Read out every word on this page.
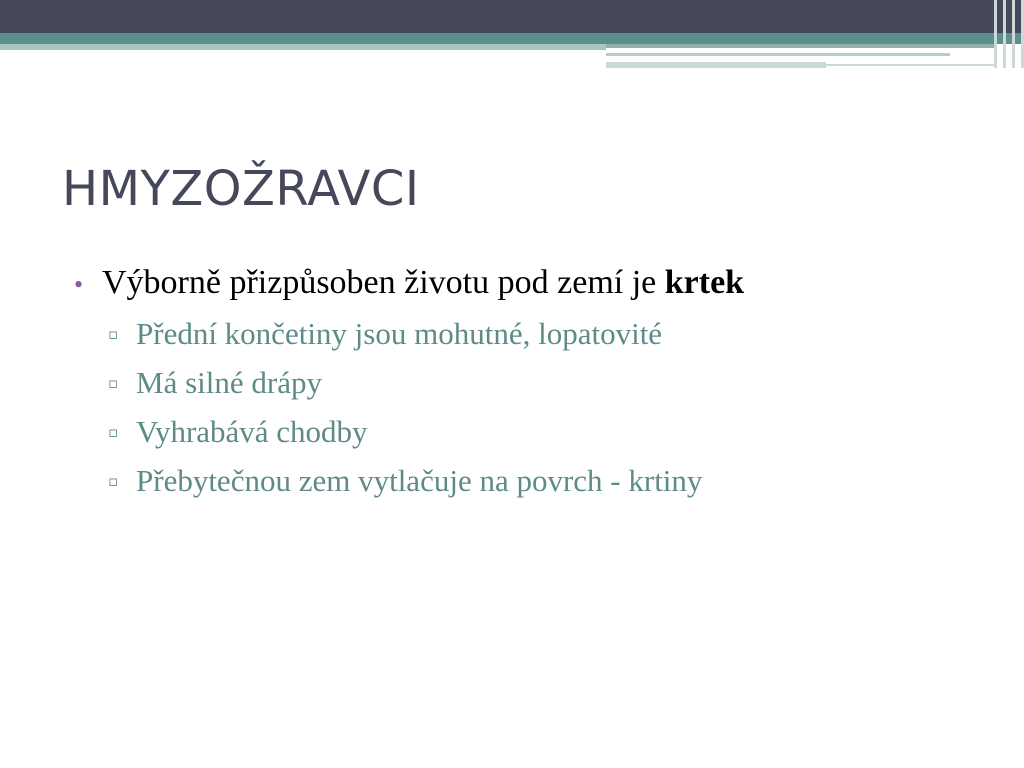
HMYZOŽRAVCI
• Výborně přizpůsoben životu pod zemí je krtek
▫ Přední končetiny jsou mohutné, lopatovité
▫ Má silné drápy
▫ Vyhrabává chodby
▫ Přebytečnou zem vytlačuje na povrch - krtiny
